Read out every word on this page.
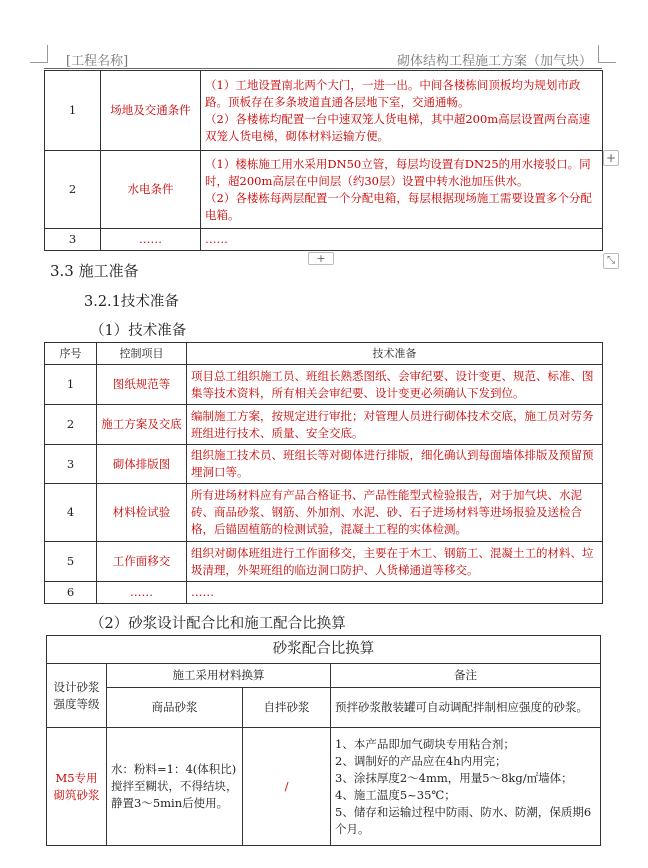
[工程名称]	砌体结构工程施工方案（加气块）
1	场地及交通条件	（1）工地设置南北两个大门，一进一出。中间各楼栋间顶板均为规划市政路。顶板存在多条坡道直通各层地下室，交通通畅。
（2）各楼栋均配置一台中速双笼人货电梯，其中超200m高层设置两台高速双笼人货电梯，砌体材料运输方便。

2	水电条件	（1）楼栋施工用水采用DN50立管，每层均设置有DN25的用水接驳口。同时，超200m高层在中间层（约30层）设置中转水池加压供水。
（2）各楼栋每两层配置一个分配电箱，每层根据现场施工需要设置多个分配电箱。

3	……	……
+
+	⤡
3.3 施工准备
3.2.1技术准备
（1）技术准备
序号	控制项目	技术准备
1	图纸规范等	项目总工组织施工员、班组长熟悉图纸、会审纪要、设计变更、规范、标准、图集等技术资料，所有相关会审纪要、设计变更必须确认下发到位。
2	施工方案及交底	编制施工方案，按规定进行审批；对管理人员进行砌体技术交底，施工员对劳务班组进行技术、质量、安全交底。
3	砌体排版图	组织施工技术员、班组长等对砌体进行排版，细化确认到每面墙体排版及预留预埋洞口等。
4	材料检试验	所有进场材料应有产品合格证书、产品性能型式检验报告，对于加气块、水泥砖、商品砂浆、钢筋、外加剂、水泥、砂、石子进场材料等进场报验及送检合格，后锚固植筋的检测试验，混凝土工程的实体检测。
5	工作面移交	组织对砌体班组进行工作面移交，主要在于木工、钢筋工、混凝土工的材料、垃圾清理，外架班组的临边洞口防护、人货梯通道等移交。
6	……	……
（2）砂浆设计配合比和施工配合比换算
砂浆配合比换算			
设计砂浆强度等级	施工采用材料换算		备注
	商品砂浆	自拌砂浆	预拌砂浆散装罐可自动调配拌制相应强度的砂浆。
M5专用砌筑砂浆	水：粉料=1：4(体积比)搅拌至糊状，不得结块，静置3～5min后使用。	/	1、本产品即加气砌块专用粘合剂；
2、调制好的产品应在4h内用完；
3、涂抹厚度2～4mm，用量5～8kg/㎡墙体；
4、施工温度5~35℃；
5、储存和运输过程中防雨、防水、防潮，保质期6个月。
